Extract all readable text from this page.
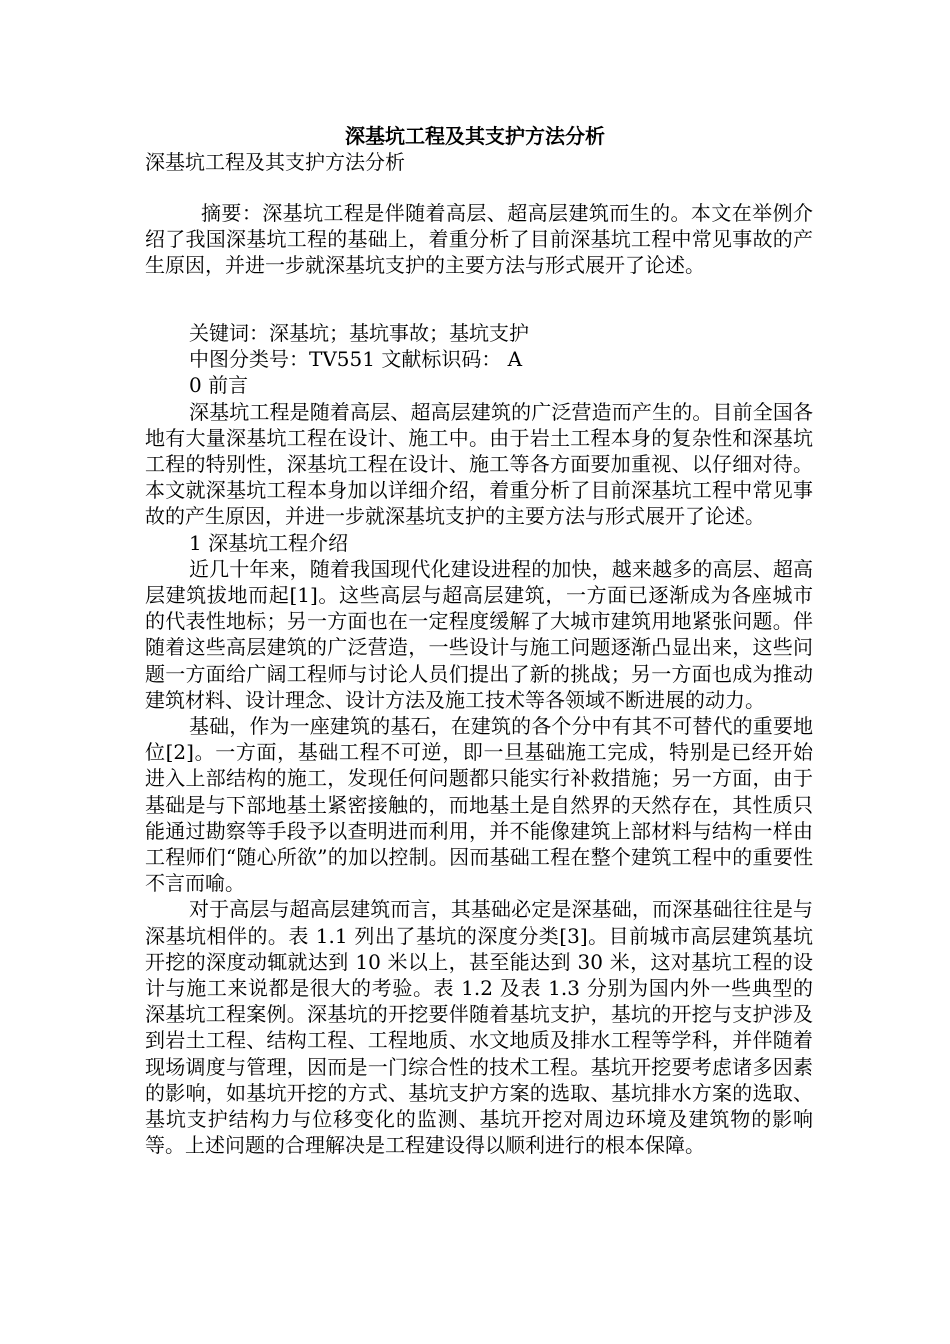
深基坑工程及其支护方法分析

深基坑工程及其支护方法分析

摘要：深基坑工程是伴随着高层、超高层建筑而生的。本文在举例介绍了我国深基坑工程的基础上，着重分析了目前深基坑工程中常见事故的产生原因，并进一步就深基坑支护的主要方法与形式展开了论述。

关键词：深基坑；基坑事故；基坑支护

中图分类号：TV551 文献标识码： A

0 前言

深基坑工程是随着高层、超高层建筑的广泛营造而产生的。目前全国各地有大量深基坑工程在设计、施工中。由于岩土工程本身的复杂性和深基坑工程的特别性，深基坑工程在设计、施工等各方面要加重视、以仔细对待。本文就深基坑工程本身加以详细介绍，着重分析了目前深基坑工程中常见事故的产生原因，并进一步就深基坑支护的主要方法与形式展开了论述。

1 深基坑工程介绍

近几十年来，随着我国现代化建设进程的加快，越来越多的高层、超高层建筑拔地而起[1]。这些高层与超高层建筑，一方面已逐渐成为各座城市的代表性地标；另一方面也在一定程度缓解了大城市建筑用地紧张问题。伴随着这些高层建筑的广泛营造，一些设计与施工问题逐渐凸显出来，这些问题一方面给广阔工程师与讨论人员们提出了新的挑战；另一方面也成为推动建筑材料、设计理念、设计方法及施工技术等各领域不断进展的动力。

基础，作为一座建筑的基石，在建筑的各个分中有其不可替代的重要地位[2]。一方面，基础工程不可逆，即一旦基础施工完成，特别是已经开始进入上部结构的施工，发现任何问题都只能实行补救措施；另一方面，由于基础是与下部地基土紧密接触的，而地基土是自然界的天然存在，其性质只能通过勘察等手段予以查明进而利用，并不能像建筑上部材料与结构一样由工程师们“随心所欲”的加以控制。因而基础工程在整个建筑工程中的重要性不言而喻。

对于高层与超高层建筑而言，其基础必定是深基础，而深基础往往是与深基坑相伴的。表 1.1 列出了基坑的深度分类[3]。目前城市高层建筑基坑开挖的深度动辄就达到 10 米以上，甚至能达到 30 米，这对基坑工程的设计与施工来说都是很大的考验。表 1.2 及表 1.3 分别为国内外一些典型的深基坑工程案例。深基坑的开挖要伴随着基坑支护，基坑的开挖与支护涉及到岩土工程、结构工程、工程地质、水文地质及排水工程等学科，并伴随着现场调度与管理，因而是一门综合性的技术工程。基坑开挖要考虑诸多因素的影响，如基坑开挖的方式、基坑支护方案的选取、基坑排水方案的选取、基坑支护结构力与位移变化的监测、基坑开挖对周边环境及建筑物的影响等。上述问题的合理解决是工程建设得以顺利进行的根本保障。
